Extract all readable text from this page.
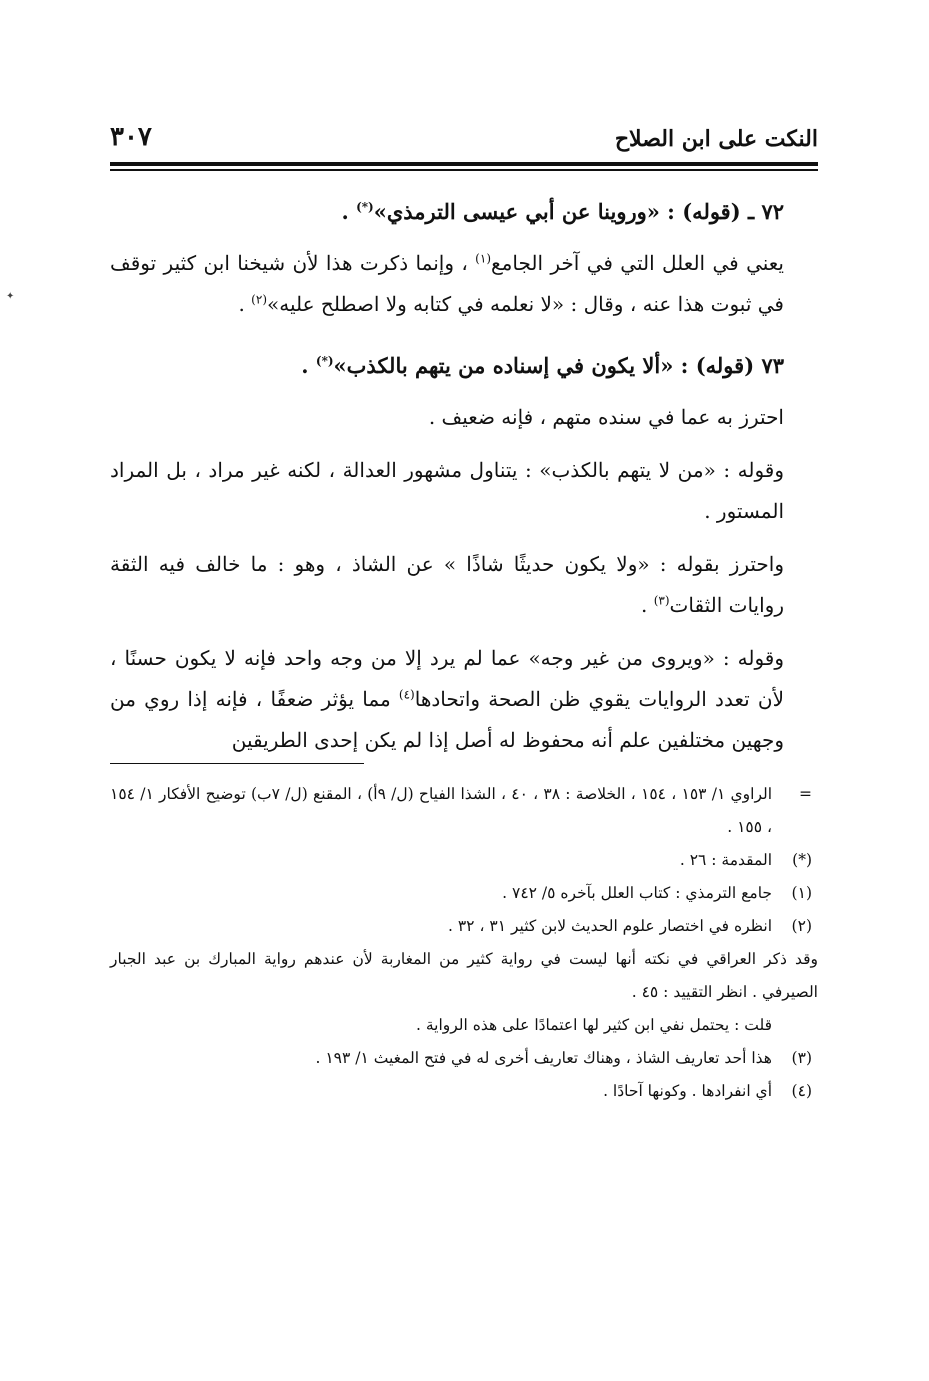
✦
النكت على ابن الصلاح
٣٠٧
٧٢ ـ (قوله) : «وروينا عن أبي عيسى الترمذي»(*) .

يعني في العلل التي في آخر الجامع$^{(١)}$ ، وإنما ذكرت هذا لأن شيخنا ابن كثير توقف في ثبوت هذا عنه ، وقال : «لا نعلمه في كتابه ولا اصطلح عليه»$^{(٢)}$ .

٧٣ (قوله) : «ألا يكون في إسناده من يتهم بالكذب»(*) .

احترز به عما في سنده متهم ، فإنه ضعيف .

وقوله : «من لا يتهم بالكذب» : يتناول مشهور العدالة ، لكنه غير مراد ، بل المراد المستور .

واحترز بقوله : «ولا يكون حديثًا شاذًا » عن الشاذ ، وهو : ما خالف فيه الثقة روايات الثقات$^{(٣)}$ .

وقوله : «ويروى من غير وجه» عما لم يرد إلا من وجه واحد فإنه لا يكون حسنًا ، لأن تعدد الروايات يقوي ظن الصحة واتحادها$^{(٤)}$ مما يؤثر ضعفًا ، فإنه إذا روي من وجهين مختلفين علم أنه محفوظ له أصل إذا لم يكن إحدى الطريقين

=
الراوي ١/ ١٥٣ ، ١٥٤ ، الخلاصة : ٣٨ ، ٤٠ ، الشذا الفياح (ل/ ٩أ) ، المقنع (ل/ ٧ب) توضيح الأفكار ١/ ١٥٤ ، ١٥٥ .
(*)
المقدمة : ٢٦ .
(١)
جامع الترمذي : كتاب العلل بآخره ٥/ ٧٤٢ .
(٢)
انظره في اختصار علوم الحديث لابن كثير ٣١ ، ٣٢ .
وقد ذكر العراقي في نكته أنها ليست في رواية كثير من المغاربة لأن عندهم رواية المبارك بن عبد الجبار الصيرفي . انظر التقييد : ٤٥ .
قلت : يحتمل نفي ابن كثير لها اعتمادًا على هذه الرواية .
(٣)
هذا أحد تعاريف الشاذ ، وهناك تعاريف أخرى له في فتح المغيث ١/ ١٩٣ .
(٤)
أي انفرادها . وكونها آحادًا .
